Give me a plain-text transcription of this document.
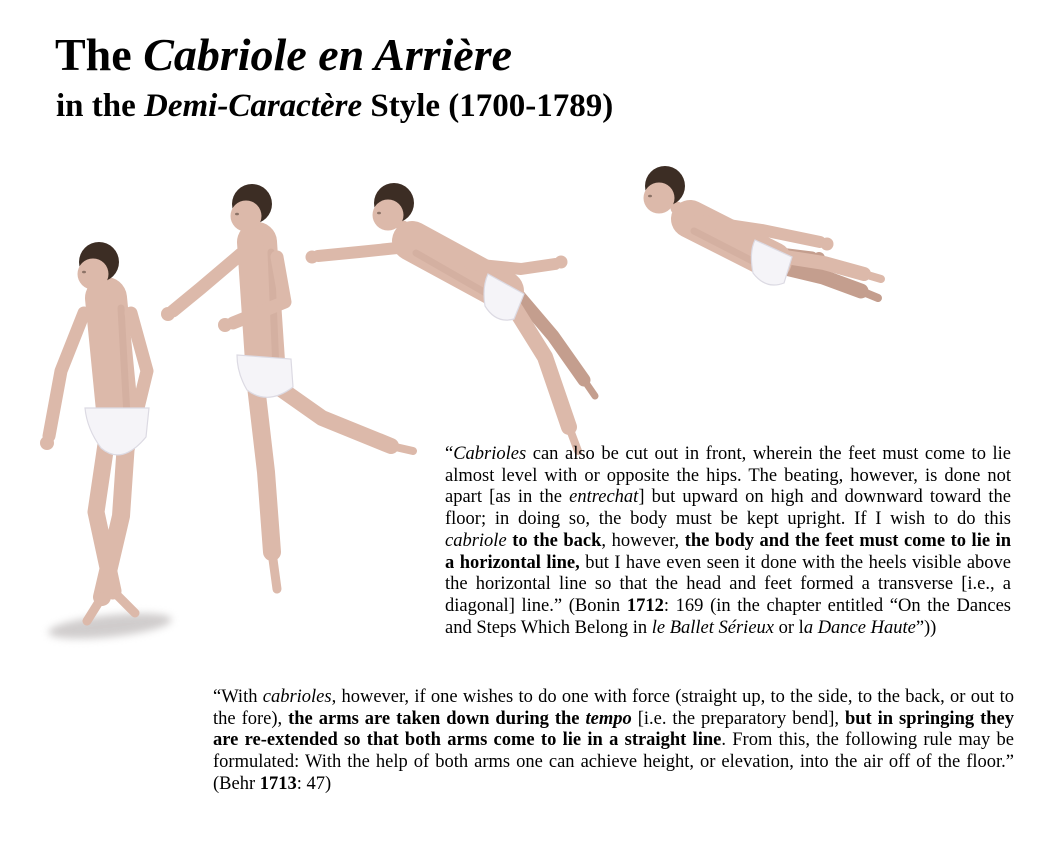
The Cabriole en Arrière
in the Demi-Caractère Style (1700-1789)

“Cabrioles can also be cut out in front, wherein the feet must come to lie almost level with or opposite the hips. The beating, however, is done not apart [as in the entrechat] but upward on high and downward toward the floor; in doing so, the body must be kept upright. If I wish to do this cabriole to the back, however, the body and the feet must come to lie in a horizontal line, but I have even seen it done with the heels visible above the horizontal line so that the head and feet formed a transverse [i.e., a diagonal] line.” (Bonin 1712: 169 (in the chapter entitled “On the Dances and Steps Which Belong in le Ballet Sérieux or la Dance Haute”))

“With cabrioles, however, if one wishes to do one with force (straight up, to the side, to the back, or out to the fore), the arms are taken down during the tempo [i.e. the preparatory bend], but in springing they are re-extended so that both arms come to lie in a straight line. From this, the following rule may be formulated: With the help of both arms one can achieve height, or elevation, into the air off of the floor.” (Behr 1713: 47)
